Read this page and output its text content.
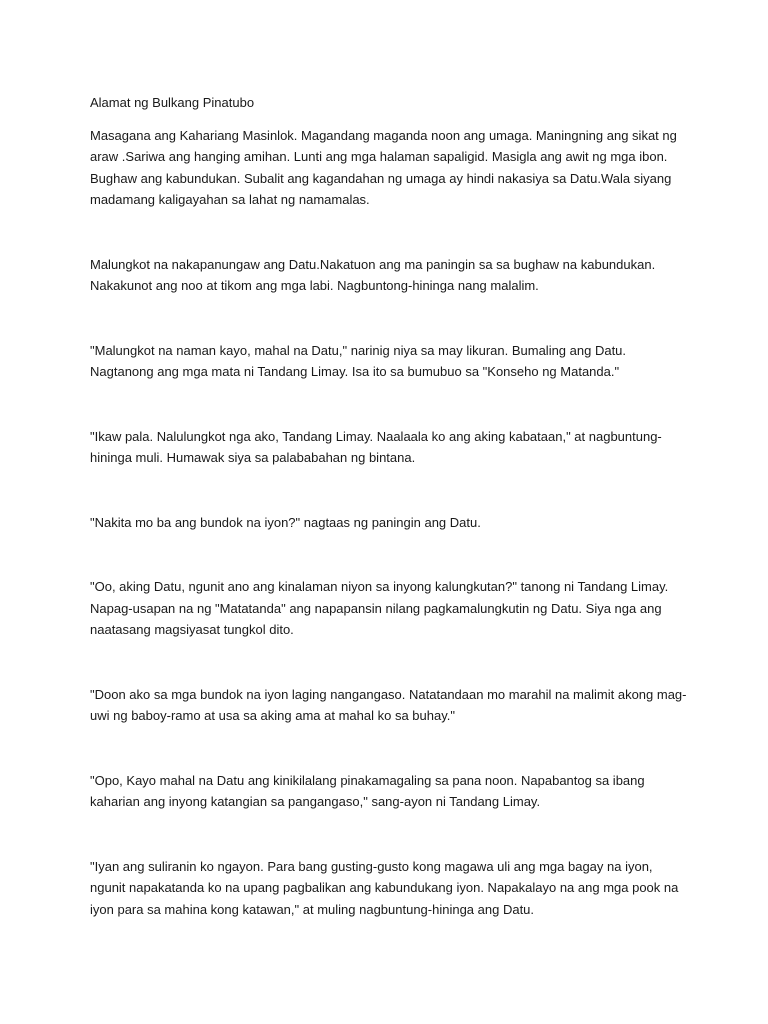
Alamat ng Bulkang Pinatubo

Masagana ang Kahariang Masinlok. Magandang maganda noon ang umaga. Maningning ang sikat ng araw .Sariwa ang hanging amihan. Lunti ang mga halaman sapaligid. Masigla ang awit ng mga ibon. Bughaw ang kabundukan. Subalit ang kagandahan ng umaga ay hindi nakasiya sa Datu.Wala siyang madamang kaligayahan sa lahat ng namamalas.

Malungkot na nakapanungaw ang Datu.Nakatuon ang ma paningin sa sa bughaw na kabundukan. Nakakunot ang noo at tikom ang mga labi. Nagbuntong-hininga nang malalim.

"Malungkot na naman kayo, mahal na Datu," narinig niya sa may likuran. Bumaling ang Datu. Nagtanong ang mga mata ni Tandang Limay. Isa ito sa bumubuo sa "Konseho ng Matanda."

"Ikaw pala. Nalulungkot nga ako, Tandang Limay. Naalaala ko ang aking kabataan," at nagbuntung-hininga muli. Humawak siya sa palababahan ng bintana.

"Nakita mo ba ang bundok na iyon?" nagtaas ng paningin ang Datu.

"Oo, aking Datu, ngunit ano ang kinalaman niyon sa inyong kalungkutan?" tanong ni Tandang Limay. Napag-usapan na ng "Matatanda" ang napapansin nilang pagkamalungkutin ng Datu. Siya nga ang naatasang magsiyasat tungkol dito.

"Doon ako sa mga bundok na iyon laging nangangaso. Natatandaan mo marahil na malimit akong mag-uwi ng baboy-ramo at usa sa aking ama at mahal ko sa buhay."

"Opo, Kayo mahal na Datu ang kinikilalang pinakamagaling sa pana noon. Napabantog sa ibang kaharian ang inyong katangian sa pangangaso," sang-ayon ni Tandang Limay.

"Iyan ang suliranin ko ngayon. Para bang gusting-gusto kong magawa uli ang mga bagay na iyon, ngunit napakatanda ko na upang pagbalikan ang kabundukang iyon. Napakalayo na ang mga pook na iyon para sa mahina kong katawan," at muling nagbuntung-hininga ang Datu.
